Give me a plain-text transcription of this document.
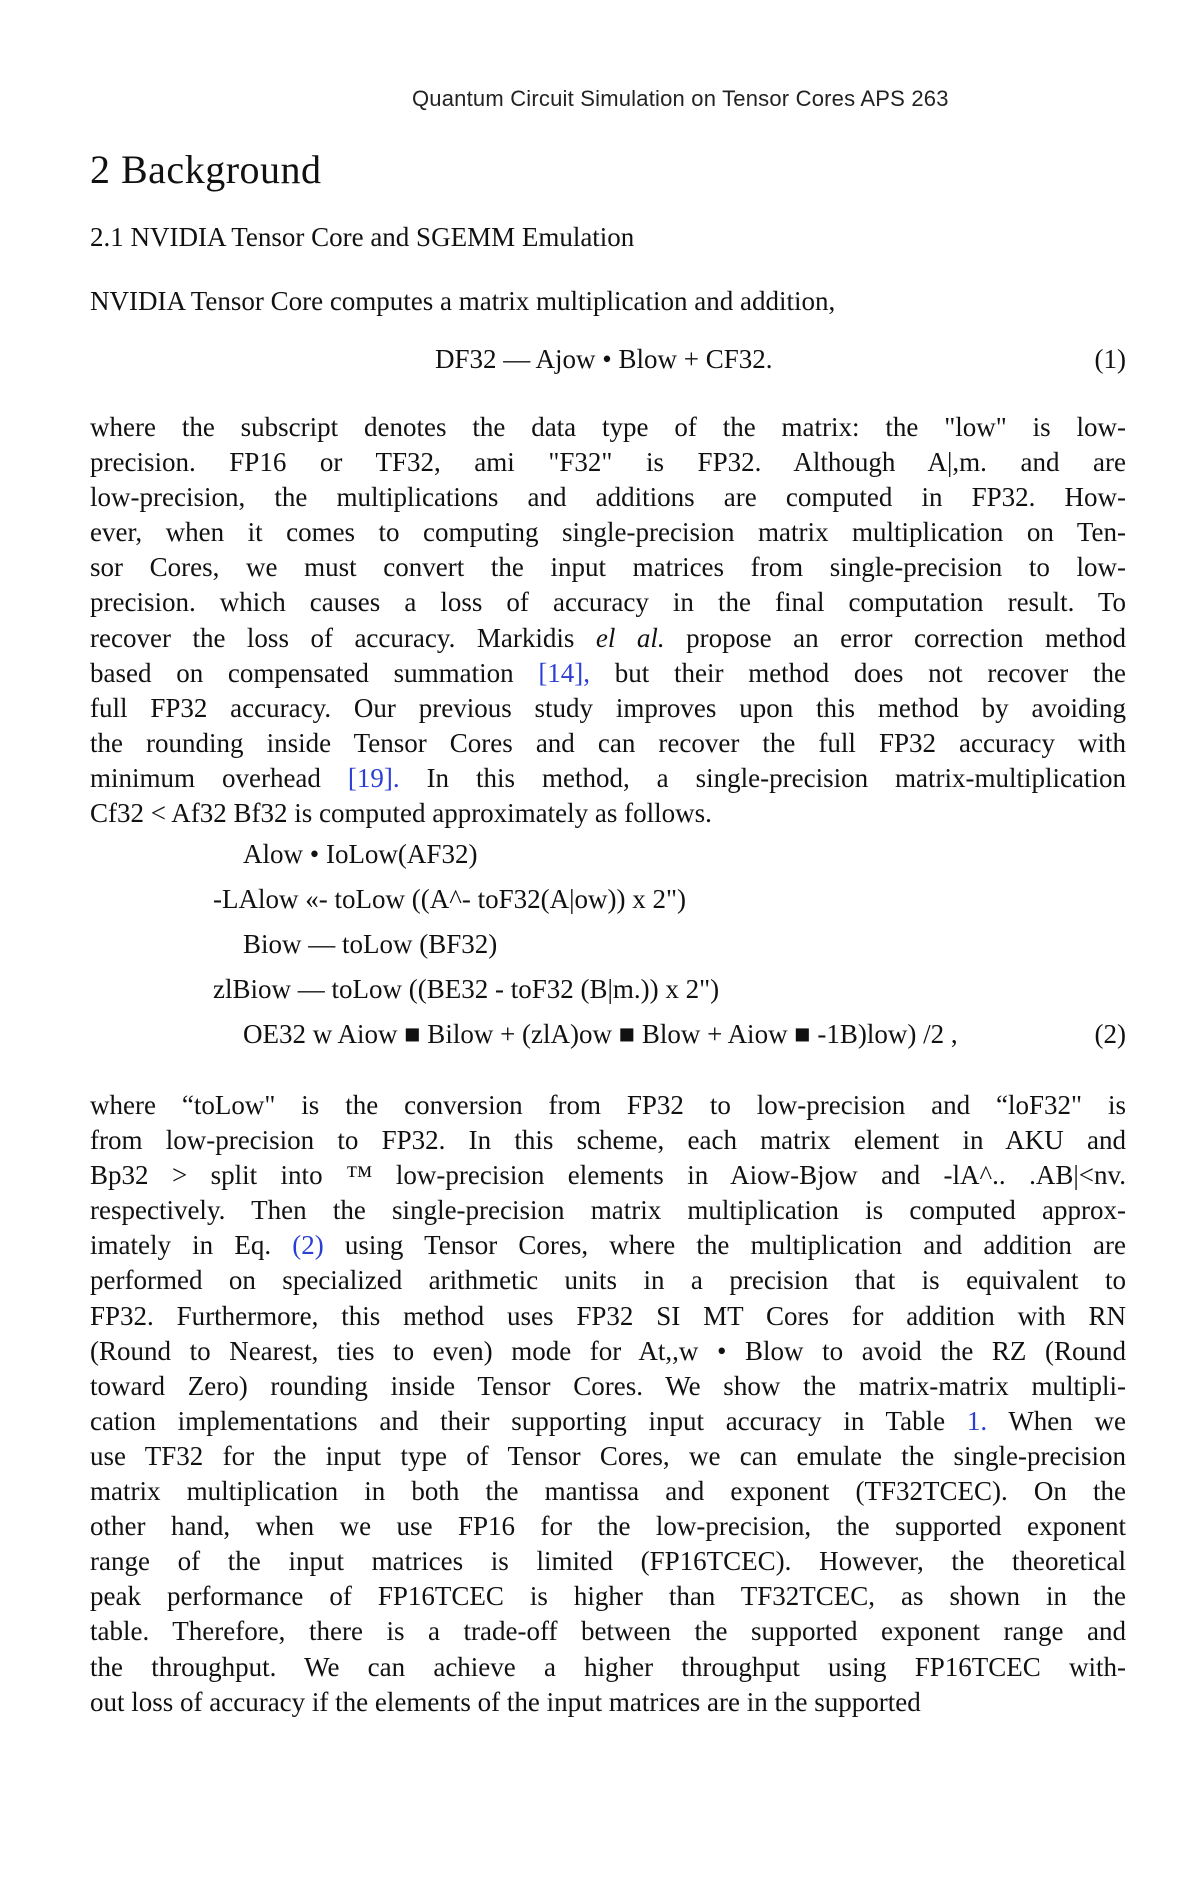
Quantum Circuit Simulation on Tensor Cores APS 263
2 Background
2.1 NVIDIA Tensor Core and SGEMM Emulation

NVIDIA Tensor Core computes a matrix multiplication and addition,

DF32 — Ajow • Blow + CF32.	(1)
where the subscript denotes the data type of the matrix: the "low" is low-
precision. FP16 or TF32, ami "F32" is FP32. Although A|,m. and are
low-precision, the multiplications and additions are computed in FP32. How-
ever, when it comes to computing single-precision matrix multiplication on Ten-
sor Cores, we must convert the input matrices from single-precision to low-
precision. which causes a loss of accuracy in the final computation result. To
recover the loss of accuracy. Markidis el al. propose an error correction method
based on compensated summation [14], but their method does not recover the
full FP32 accuracy. Our previous study improves upon this method by avoiding
the rounding inside Tensor Cores and can recover the full FP32 accuracy with
minimum overhead [19]. In this method, a single-precision matrix-multiplication
Cf32 < Af32 Bf32 is computed approximately as follows.
Alow • IoLow(AF32)
-LAlow «- toLow ((A^- toF32(A|ow)) x 2")
Biow — toLow (BF32)
zlBiow — toLow ((BE32 - toF32 (B|m.)) x 2")
OE32 w Aiow ■ Bilow + (zlA)ow ■ Blow + Aiow ■ -1B)low) /2 ,	(2)
where “toLow" is the conversion from FP32 to low-precision and “loF32" is
from low-precision to FP32. In this scheme, each matrix element in AKU and
Bp32 > split into ™ low-precision elements in Aiow-Bjow and -lA^.. .AB|<nv.
respectively. Then the single-precision matrix multiplication is computed approx-
imately in Eq. (2) using Tensor Cores, where the multiplication and addition are
performed on specialized arithmetic units in a precision that is equivalent to
FP32. Furthermore, this method uses FP32 SI MT Cores for addition with RN
(Round to Nearest, ties to even) mode for At,,w • Blow to avoid the RZ (Round
toward Zero) rounding inside Tensor Cores. We show the matrix-matrix multipli-
cation implementations and their supporting input accuracy in Table 1. When we
use TF32 for the input type of Tensor Cores, we can emulate the single-precision
matrix multiplication in both the mantissa and exponent (TF32TCEC). On the
other hand, when we use FP16 for the low-precision, the supported exponent
range of the input matrices is limited (FP16TCEC). However, the theoretical
peak performance of FP16TCEC is higher than TF32TCEC, as shown in the
table. Therefore, there is a trade-off between the supported exponent range and
the throughput. We can achieve a higher throughput using FP16TCEC with-
out loss of accuracy if the elements of the input matrices are in the supported
